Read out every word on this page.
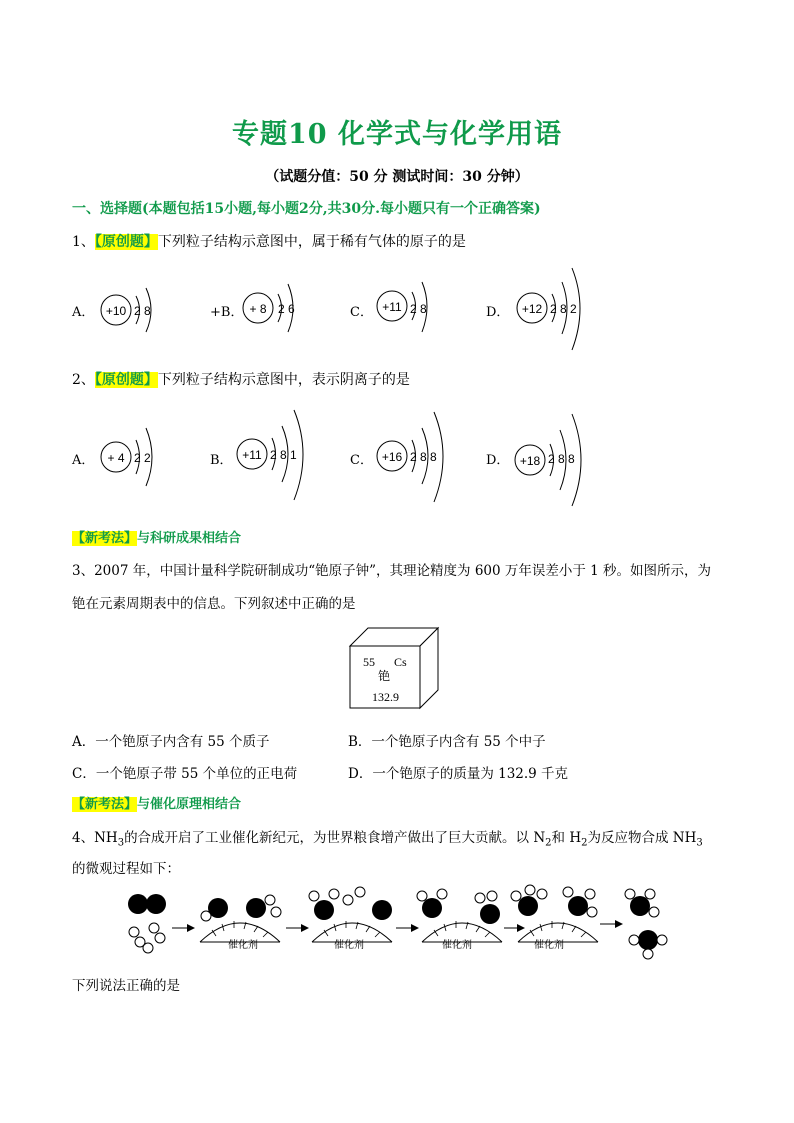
专题10 化学式与化学用语
（试题分值：50 分 测试时间：30 分钟）
一、选择题(本题包括15小题,每小题2分,共30分.每小题只有一个正确答案)
1、【原创题】下列粒子结构示意图中，属于稀有气体的原子的是
A． +10 2 8	+B． + 8 2 6	C． +11 2 8	D． +12 2 8 2
2、【原创题】下列粒子结构示意图中，表示阴离子的是
A． + 4 2 2	B． +11 2 8 1	C． +16 2 8 8	D． +18 2 8 8
【新考法】与科研成果相结合
3、2007 年，中国计量科学院研制成功“铯原子钟”，其理论精度为 600 万年误差小于 1 秒。如图所示，为
铯在元素周期表中的信息。下列叙述中正确的是
55 Cs
铯
132.9
A．一个铯原子内含有 55 个质子	B．一个铯原子内含有 55 个中子
C．一个铯原子带 55 个单位的正电荷	D．一个铯原子的质量为 132.9 千克
【新考法】与催化原理相结合
4、$NH_3$的合成开启了工业催化新纪元，为世界粮食增产做出了巨大贡献。以 $N_2$和 $H_2$为反应物合成 $NH_3$
的微观过程如下：
催化剂	催化剂	催化剂	催化剂
下列说法正确的是
